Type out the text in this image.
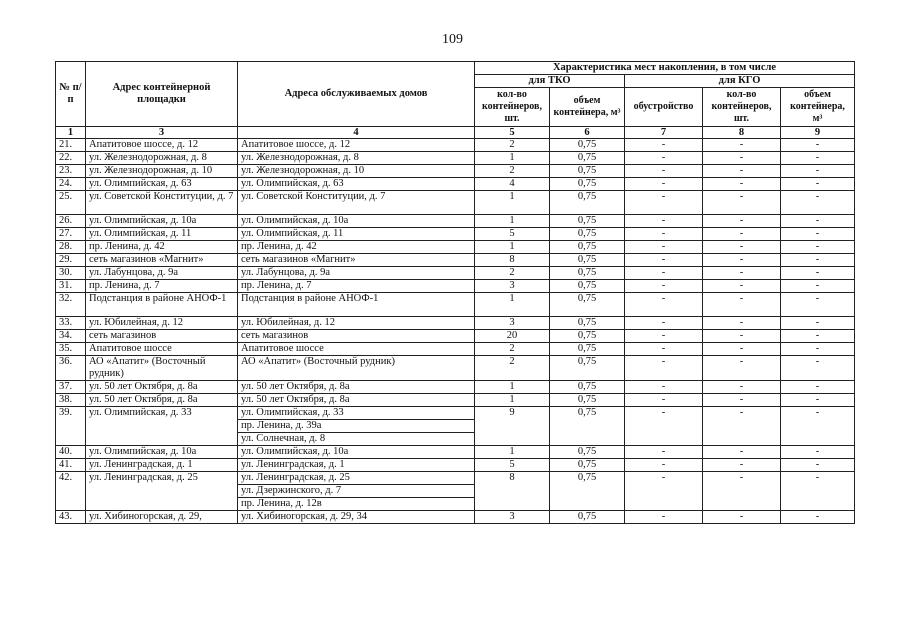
109
№ п/п	Адрес контейнерной площадки	Адреса обслуживаемых домов	Характеристика мест накопления, в том числе				
			для ТКО		для КГО		
			кол-во контейнеров, шт.	объем контейнера, м³	обустройство	кол-во контейнеров, шт.	объем контейнера, м³
1	3	4	5	6	7	8	9
21.	Апатитовое шоссе, д. 12	Апатитовое шоссе, д. 12	2	0,75	-	-	-
22.	ул. Железнодорожная, д. 8	ул. Железнодорожная, д. 8	1	0,75	-	-	-
23.	ул. Железнодорожная, д. 10	ул. Железнодорожная, д. 10	2	0,75	-	-	-
24.	ул. Олимпийская, д. 63	ул. Олимпийская, д. 63	4	0,75	-	-	-
25.	ул. Советской Конституции, д. 7	ул. Советской Конституции, д. 7	1	0,75	-	-	-
26.	ул. Олимпийская, д. 10а	ул. Олимпийская, д. 10а	1	0,75	-	-	-
27.	ул. Олимпийская, д. 11	ул. Олимпийская, д. 11	5	0,75	-	-	-
28.	пр. Ленина, д. 42	пр. Ленина, д. 42	1	0,75	-	-	-
29.	сеть магазинов «Магнит»	сеть магазинов «Магнит»	8	0,75	-	-	-
30.	ул. Лабунцова, д. 9а	ул. Лабунцова, д. 9а	2	0,75	-	-	-
31.	пр. Ленина, д. 7	пр. Ленина, д. 7	3	0,75	-	-	-
32.	Подстанция в районе АНОФ-1	Подстанция в районе АНОФ-1	1	0,75	-	-	-
33.	ул. Юбилейная, д. 12	ул. Юбилейная, д. 12	3	0,75	-	-	-
34.	сеть магазинов	сеть магазинов	20	0,75	-	-	-
35.	Апатитовое шоссе	Апатитовое шоссе	2	0,75	-	-	-
36.	АО «Апатит» (Восточный рудник)	АО «Апатит» (Восточный рудник)	2	0,75	-	-	-
37.	ул. 50 лет Октября, д. 8а	ул. 50 лет Октября, д. 8а	1	0,75	-	-	-
38.	ул. 50 лет Октября, д. 8а	ул. 50 лет Октября, д. 8а	1	0,75	-	-	-
39.	ул. Олимпийская, д. 33	ул. Олимпийская, д. 33	9	0,75	-	-	-
		пр. Ленина, д. 39а					
		ул. Солнечная, д. 8					
40.	ул. Олимпийская, д. 10а	ул. Олимпийская, д. 10а	1	0,75	-	-	-
41.	ул. Ленинградская, д. 1	ул. Ленинградская, д. 1	5	0,75	-	-	-
42.	ул. Ленинградская, д. 25	ул. Ленинградская, д. 25	8	0,75	-	-	-
		ул. Дзержинского, д. 7					
		пр. Ленина, д. 12в					
43.	ул. Хибиногорская, д. 29,	ул. Хибиногорская, д. 29, 34	3	0,75	-	-	-
